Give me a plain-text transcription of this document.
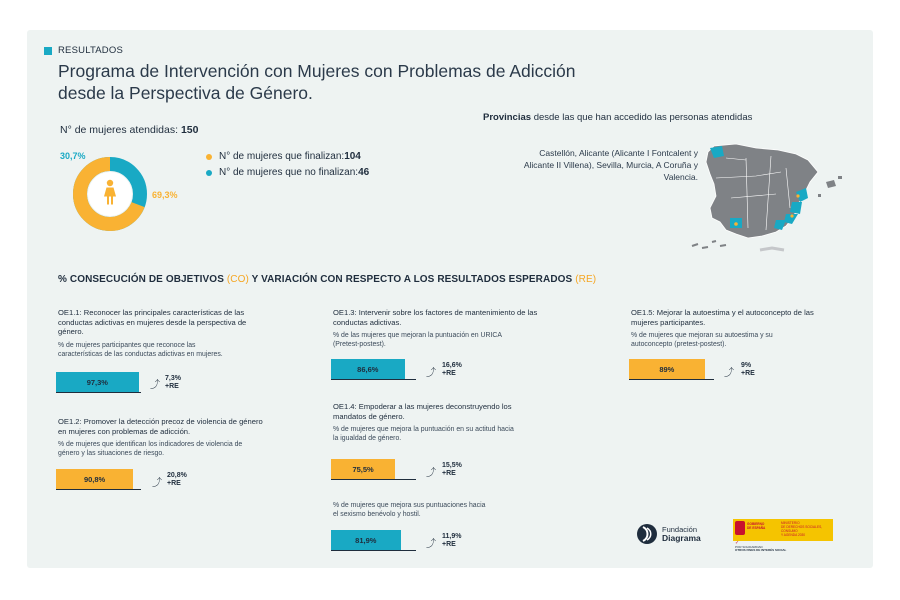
RESULTADOS
Programa de Intervención con Mujeres con Problemas de Adicción
desde la Perspectiva de Género.
N° de mujeres atendidas: 150
30,7%
69,3%
N° de mujeres que finalizan: 104
N° de mujeres que no finalizan: 46
Provincias desde las que han accedido las personas atendidas
Castellón, Alicante (Alicante I Fontcalent y
Alicante II Villena), Sevilla, Murcia, A Coruña y
Valencia.
% CONSECUCIÓN DE OBJETIVOS (CO) Y VARIACIÓN CON RESPECTO A LOS RESULTADOS ESPERADOS (RE)
OE1.1: Reconocer las principales características de las
conductas adictivas en mujeres desde la perspectiva de
género.
% de mujeres participantes que reconoce las
características de las conductas adictivas en mujeres.
97,3%	⤴
7,3%
+RE
OE1.2: Promover la detección precoz de violencia de género
en mujeres con problemas de adicción.
% de mujeres que identifican los indicadores de violencia de
género y las situaciones de riesgo.
90,8%	⤴
20,8%
+RE
OE1.3: Intervenir sobre los factores de mantenimiento de las
conductas adictivas.
% de las mujeres que mejoran la puntuación en URICA
(Pretest-postest).
86,6%	⤴
16,6%
+RE
OE1.4: Empoderar a las mujeres deconstruyendo los
mandatos de género.
% de mujeres que mejora la puntuación en su actitud hacia
la igualdad de género.
75,5%	⤴
15,5%
+RE
% de mujeres que mejora sus puntuaciones hacia
el sexismo benévolo y hostil.
81,9%	⤴
11,9%
+RE
OE1.5: Mejorar la autoestima y el autoconcepto de las
mujeres participantes.
% de mujeres que mejoran su autoestima y su
autoconcepto (pretest-postest).
89%	⤴
9%
+RE
Fundación
Diagrama
GOBIERNO
DE ESPAÑA
MINISTERIO
DE DERECHOS SOCIALES, CONSUMO
Y AGENDA 2030
✓
POR SOLIDARIDAD
OTROS FINES DE INTERÉS SOCIAL
